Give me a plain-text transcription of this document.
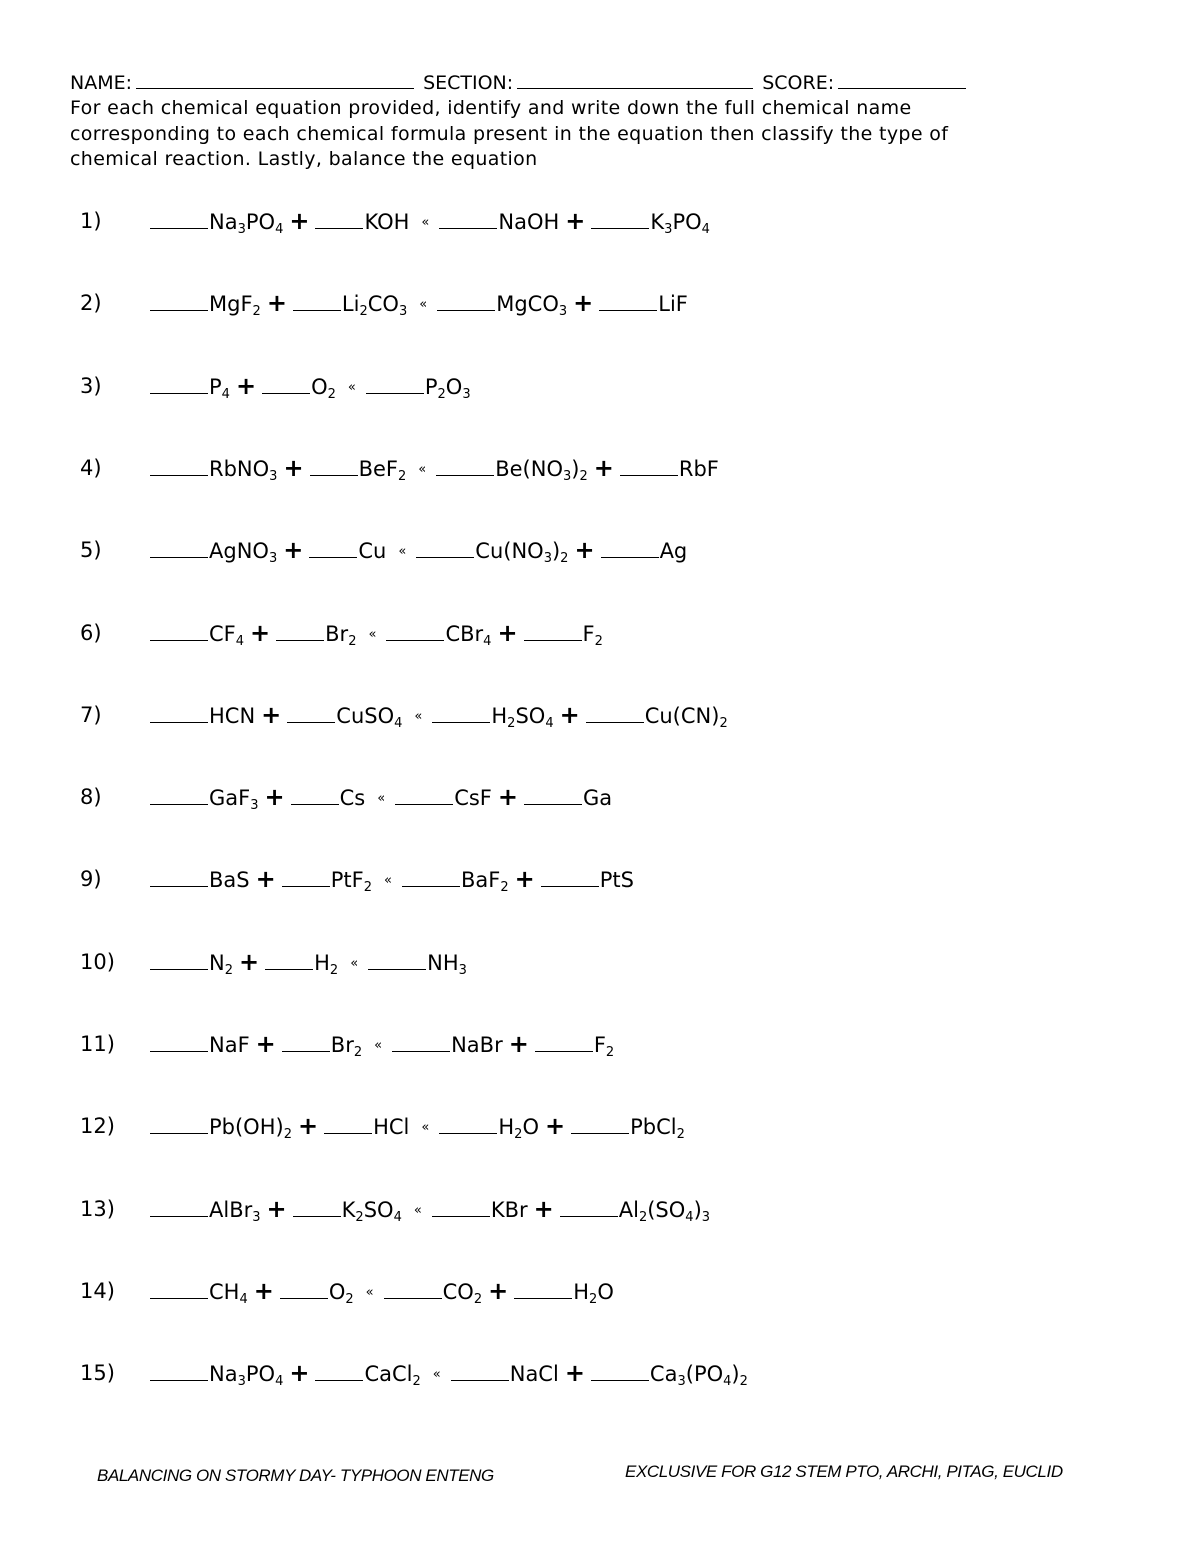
NAME:	SECTION:	SCORE:

For each chemical equation provided, identify and write down the full chemical name
corresponding to each chemical formula present in the equation then classify the type of
chemical reaction. Lastly, balance the equation

1)	$Na_3PO_4$ +	KOH «	NaOH +	$K_3PO_4$
2)	MgF$_2$ +	$Li_2CO_3$ «	MgCO$_3$ +	LiF
3)	$P_4$ +	$O_2$ «	$P_2O_3$
4)	RbNO$_3$ +	BeF$_2$ «	$Be(NO_3)_2$ +	RbF
5)	AgNO$_3$ +	Cu «	$Cu(NO_3)_2$ +	Ag
6)	$CF_4$ +	$Br_2$ «	CBr$_4$ +	$F_2$
7)	HCN +	CuSO$_4$ «	$H_2SO_4$ +	$Cu(CN)_2$
8)	GaF$_3$ +	Cs «	CsF +	Ga
9)	BaS +	PtF$_2$ «	BaF$_2$ +	PtS
10)	$N_2$ +	$H_2$ «	$NH_3$
11)	NaF +	$Br_2$ «	NaBr +	$F_2$
12)	$Pb(OH)_2$ +	HCl «	$H_2O$ +	PbCl$_2$
13)	AlBr$_3$ +	$K_2SO_4$ «	KBr +	$Al_2(SO_4)_3$
14)	$CH_4$ +	$O_2$ «	$CO_2$ +	$H_2O$
15)	$Na_3PO_4$ +	CaCl$_2$ «	NaCl +	$Ca_3(PO_4)_2$
BALANCING ON STORMY DAY- TYPHOON ENTENG	EXCLUSIVE FOR G12 STEM PTO, ARCHI, PITAG, EUCLID
